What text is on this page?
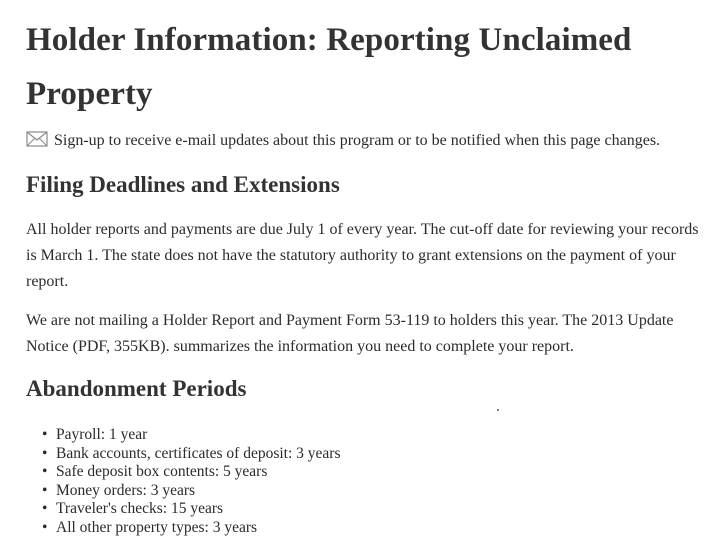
Holder Information: Reporting Unclaimed Property
Sign-up to receive e-mail updates about this program or to be notified when this page changes.
Filing Deadlines and Extensions

All holder reports and payments are due July 1 of every year. The cut-off date for reviewing your records is March 1. The state does not have the statutory authority to grant extensions on the payment of your report.

We are not mailing a Holder Report and Payment Form 53-119 to holders this year. The 2013 Update Notice (PDF, 355KB). summarizes the information you need to complete your report.

Abandonment Periods
• Payroll: 1 year
• Bank accounts, certificates of deposit: 3 years
• Safe deposit box contents: 5 years
• Money orders: 3 years
• Traveler's checks: 15 years
• All other property types: 3 years
